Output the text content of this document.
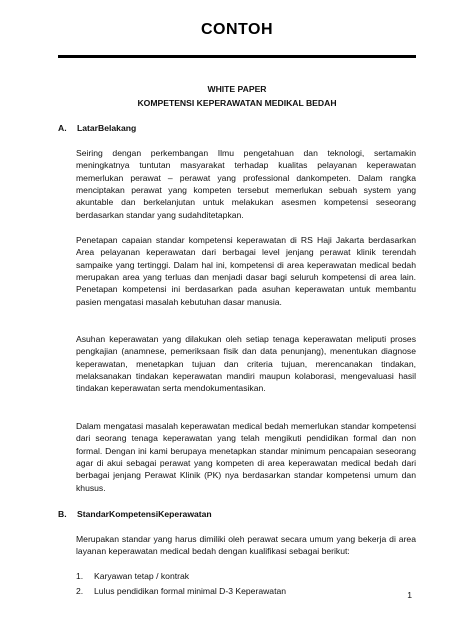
CONTOH
WHITE PAPER
KOMPETENSI KEPERAWATAN MEDIKAL BEDAH
A. LatarBelakang
Seiring dengan perkembangan Ilmu pengetahuan dan teknologi, sertamakin meningkatnya tuntutan masyarakat terhadap kualitas pelayanan keperawatan memerlukan perawat – perawat yang professional dankompeten. Dalam rangka menciptakan perawat yang kompeten tersebut memerlukan sebuah system yang akuntable dan berkelanjutan untuk melakukan asesmen kompetensi seseorang berdasarkan standar yang sudahditetapkan.
Penetapan capaian standar kompetensi keperawatan di RS Haji Jakarta berdasarkan Area pelayanan keperawatan dari berbagai level jenjang perawat klinik terendah sampaike yang tertinggi. Dalam hal ini, kompetensi di area keperawatan medical bedah merupakan area yang terluas dan menjadi dasar bagi seluruh kompetensi di area lain. Penetapan kompetensi ini berdasarkan pada asuhan keperawatan untuk membantu pasien mengatasi masalah kebutuhan dasar manusia.
Asuhan keperawatan yang dilakukan oleh setiap tenaga keperawatan meliputi proses pengkajian (anamnese, pemeriksaan fisik dan data penunjang), menentukan diagnose keperawatan, menetapkan tujuan dan criteria tujuan, merencanakan tindakan, melaksanakan tindakan keperawatan mandiri maupun kolaborasi, mengevaluasi hasil tindakan keperawatan serta mendokumentasikan.
Dalam mengatasi masalah keperawatan medical bedah memerlukan standar kompetensi dari seorang tenaga keperawatan yang telah mengikuti pendidikan formal dan non formal. Dengan ini kami berupaya menetapkan standar minimum pencapaian seseorang agar di akui sebagai perawat yang kompeten di area keperawatan medical bedah dari berbagai jenjang Perawat Klinik (PK) nya berdasarkan standar kompetensi umum dan khusus.
B. StandarKompetensiKeperawatan
Merupakan standar yang harus dimiliki oleh perawat secara umum yang bekerja di area layanan keperawatan medical bedah dengan kualifikasi sebagai berikut:
1. Karyawan tetap / kontrak
2. Lulus pendidikan formal minimal D-3 Keperawatan	1
